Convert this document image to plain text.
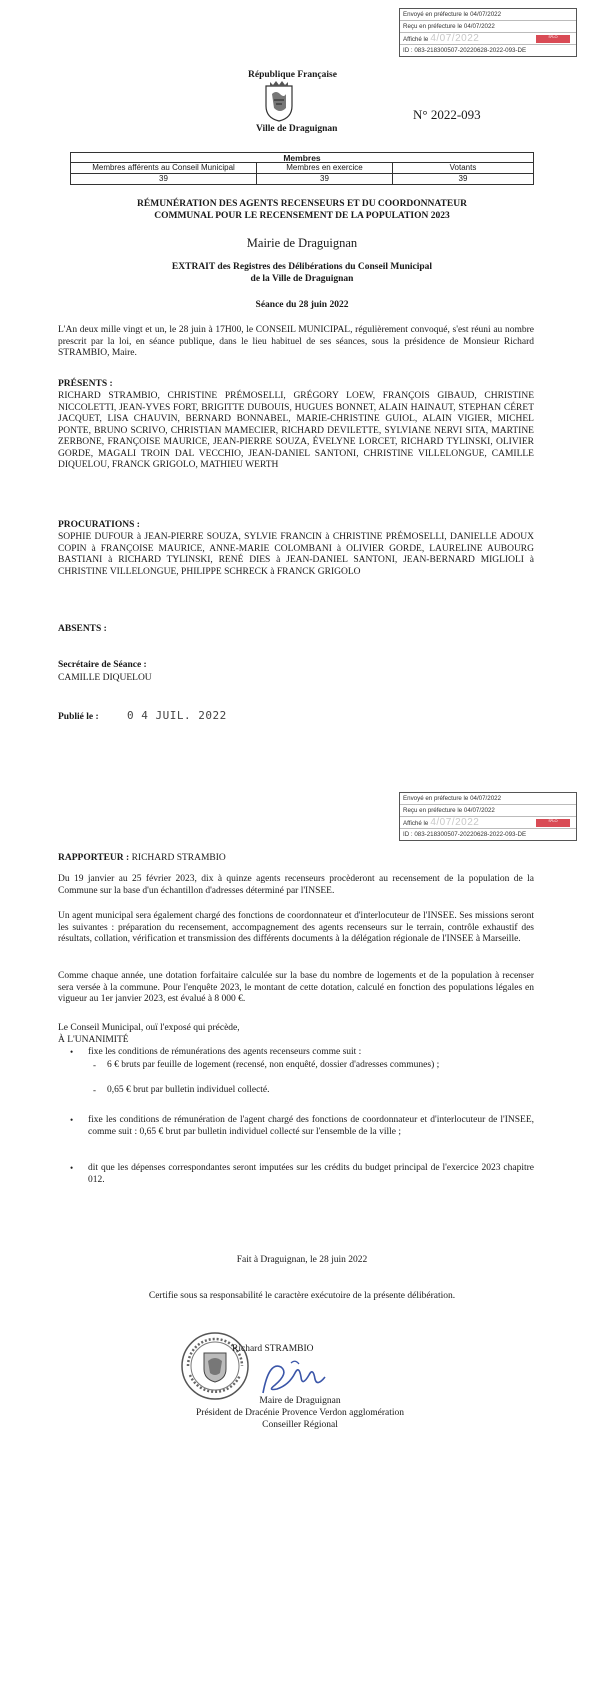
Envoyé en préfecture le 04/07/2022
Reçu en préfecture le 04/07/2022
Affiché le 4/07/2022	S²LO
ID : 083-218300507-20220628-2022-093-DE
République Française
Ville de Draguignan
N° 2022-093
Membres
Membres afférents au Conseil Municipal	Membres en exercice	Votants
39	39	39
RÉMUNÉRATION DES AGENTS RECENSEURS ET DU COORDONNATEUR
COMMUNAL POUR LE RECENSEMENT DE LA POPULATION 2023
Mairie de Draguignan
EXTRAIT des Registres des Délibérations du Conseil Municipal
de la Ville de Draguignan
Séance du 28 juin 2022
L'An deux mille vingt et un, le 28 juin à 17H00, le CONSEIL MUNICIPAL, régulièrement convoqué, s'est réuni au nombre prescrit par la loi, en séance publique, dans le lieu habituel de ses séances, sous la présidence de Monsieur Richard STRAMBIO, Maire.
PRÉSENTS :
RICHARD STRAMBIO, CHRISTINE PRÉMOSELLI, GRÉGORY LOEW, FRANÇOIS GIBAUD, CHRISTINE NICCOLETTI, JEAN-YVES FORT, BRIGITTE DUBOUIS, HUGUES BONNET, ALAIN HAINAUT, STEPHAN CÉRET JACQUET, LISA CHAUVIN, BERNARD BONNABEL, MARIE-CHRISTINE GUIOL, ALAIN VIGIER, MICHEL PONTE, BRUNO SCRIVO, CHRISTIAN MAMECIER, RICHARD DEVILETTE, SYLVIANE NERVI SITA, MARTINE ZERBONE, FRANÇOISE MAURICE, JEAN-PIERRE SOUZA, ÉVELYNE LORCET, RICHARD TYLINSKI, OLIVIER GORDE, MAGALI TROIN DAL VECCHIO, JEAN-DANIEL SANTONI, CHRISTINE VILLELONGUE, CAMILLE DIQUELOU, FRANCK GRIGOLO, MATHIEU WERTH
PROCURATIONS :
SOPHIE DUFOUR à JEAN-PIERRE SOUZA, SYLVIE FRANCIN à CHRISTINE PRÉMOSELLI, DANIELLE ADOUX COPIN à FRANÇOISE MAURICE, ANNE-MARIE COLOMBANI à OLIVIER GORDE, LAURELINE AUBOURG BASTIANI à RICHARD TYLINSKI, RENÉ DIES à JEAN-DANIEL SANTONI, JEAN-BERNARD MIGLIOLI à CHRISTINE VILLELONGUE, PHILIPPE SCHRECK à FRANCK GRIGOLO
ABSENTS :
Secrétaire de Séance :
CAMILLE DIQUELOU
Publié le :	0 4 JUIL. 2022
Envoyé en préfecture le 04/07/2022
Reçu en préfecture le 04/07/2022
Affiché le 4/07/2022	S²LO
ID : 083-218300507-20220628-2022-093-DE
RAPPORTEUR : RICHARD STRAMBIO
Du 19 janvier au 25 février 2023, dix à quinze agents recenseurs procèderont au recensement de la population de la Commune sur la base d'un échantillon d'adresses déterminé par l'INSEE.
Un agent municipal sera également chargé des fonctions de coordonnateur et d'interlocuteur de l'INSEE. Ses missions seront les suivantes : préparation du recensement, accompagnement des agents recenseurs sur le terrain, contrôle exhaustif des résultats, collation, vérification et transmission des différents documents à la délégation régionale de l'INSEE à Marseille.
Comme chaque année, une dotation forfaitaire calculée sur la base du nombre de logements et de la population à recenser sera versée à la commune. Pour l'enquête 2023, le montant de cette dotation, calculé en fonction des populations légales en vigueur au 1er janvier 2023, est évalué à 8 000 €.
Le Conseil Municipal, ouï l'exposé qui précède,
À L'UNANIMITÉ
• fixe les conditions de rémunérations des agents recenseurs comme suit :
- 6 € bruts par feuille de logement (recensé, non enquêté, dossier d'adresses communes) ;
- 0,65 € brut par bulletin individuel collecté.
• fixe les conditions de rémunération de l'agent chargé des fonctions de coordonnateur et d'interlocuteur de l'INSEE, comme suit : 0,65 € brut par bulletin individuel collecté sur l'ensemble de la ville ;
• dit que les dépenses correspondantes seront imputées sur les crédits du budget principal de l'exercice 2023 chapitre 012.
Fait à Draguignan, le 28 juin 2022
Certifie sous sa responsabilité le caractère exécutoire de la présente délibération.
Richard STRAMBIO
Maire de Draguignan
Président de Dracénie Provence Verdon agglomération
Conseiller Régional
